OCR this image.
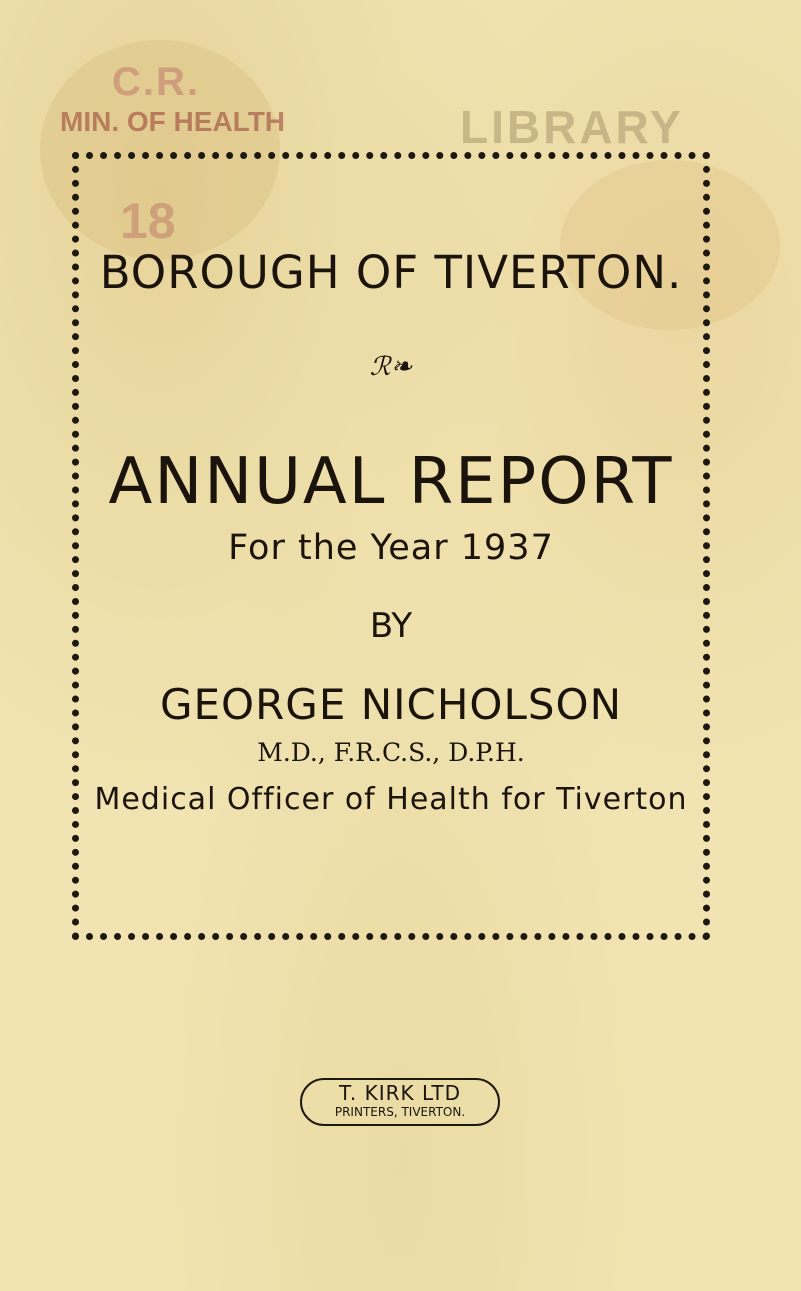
C.R.
MIN. OF HEALTH
18
LIBRARY
BOROUGH OF TIVERTON.
ℛ❧
ANNUAL REPORT
For the Year 1937
BY
GEORGE NICHOLSON
M.D., F.R.C.S., D.P.H.
Medical Officer of Health for Tiverton
T. KIRK LTD
PRINTERS, TIVERTON.
